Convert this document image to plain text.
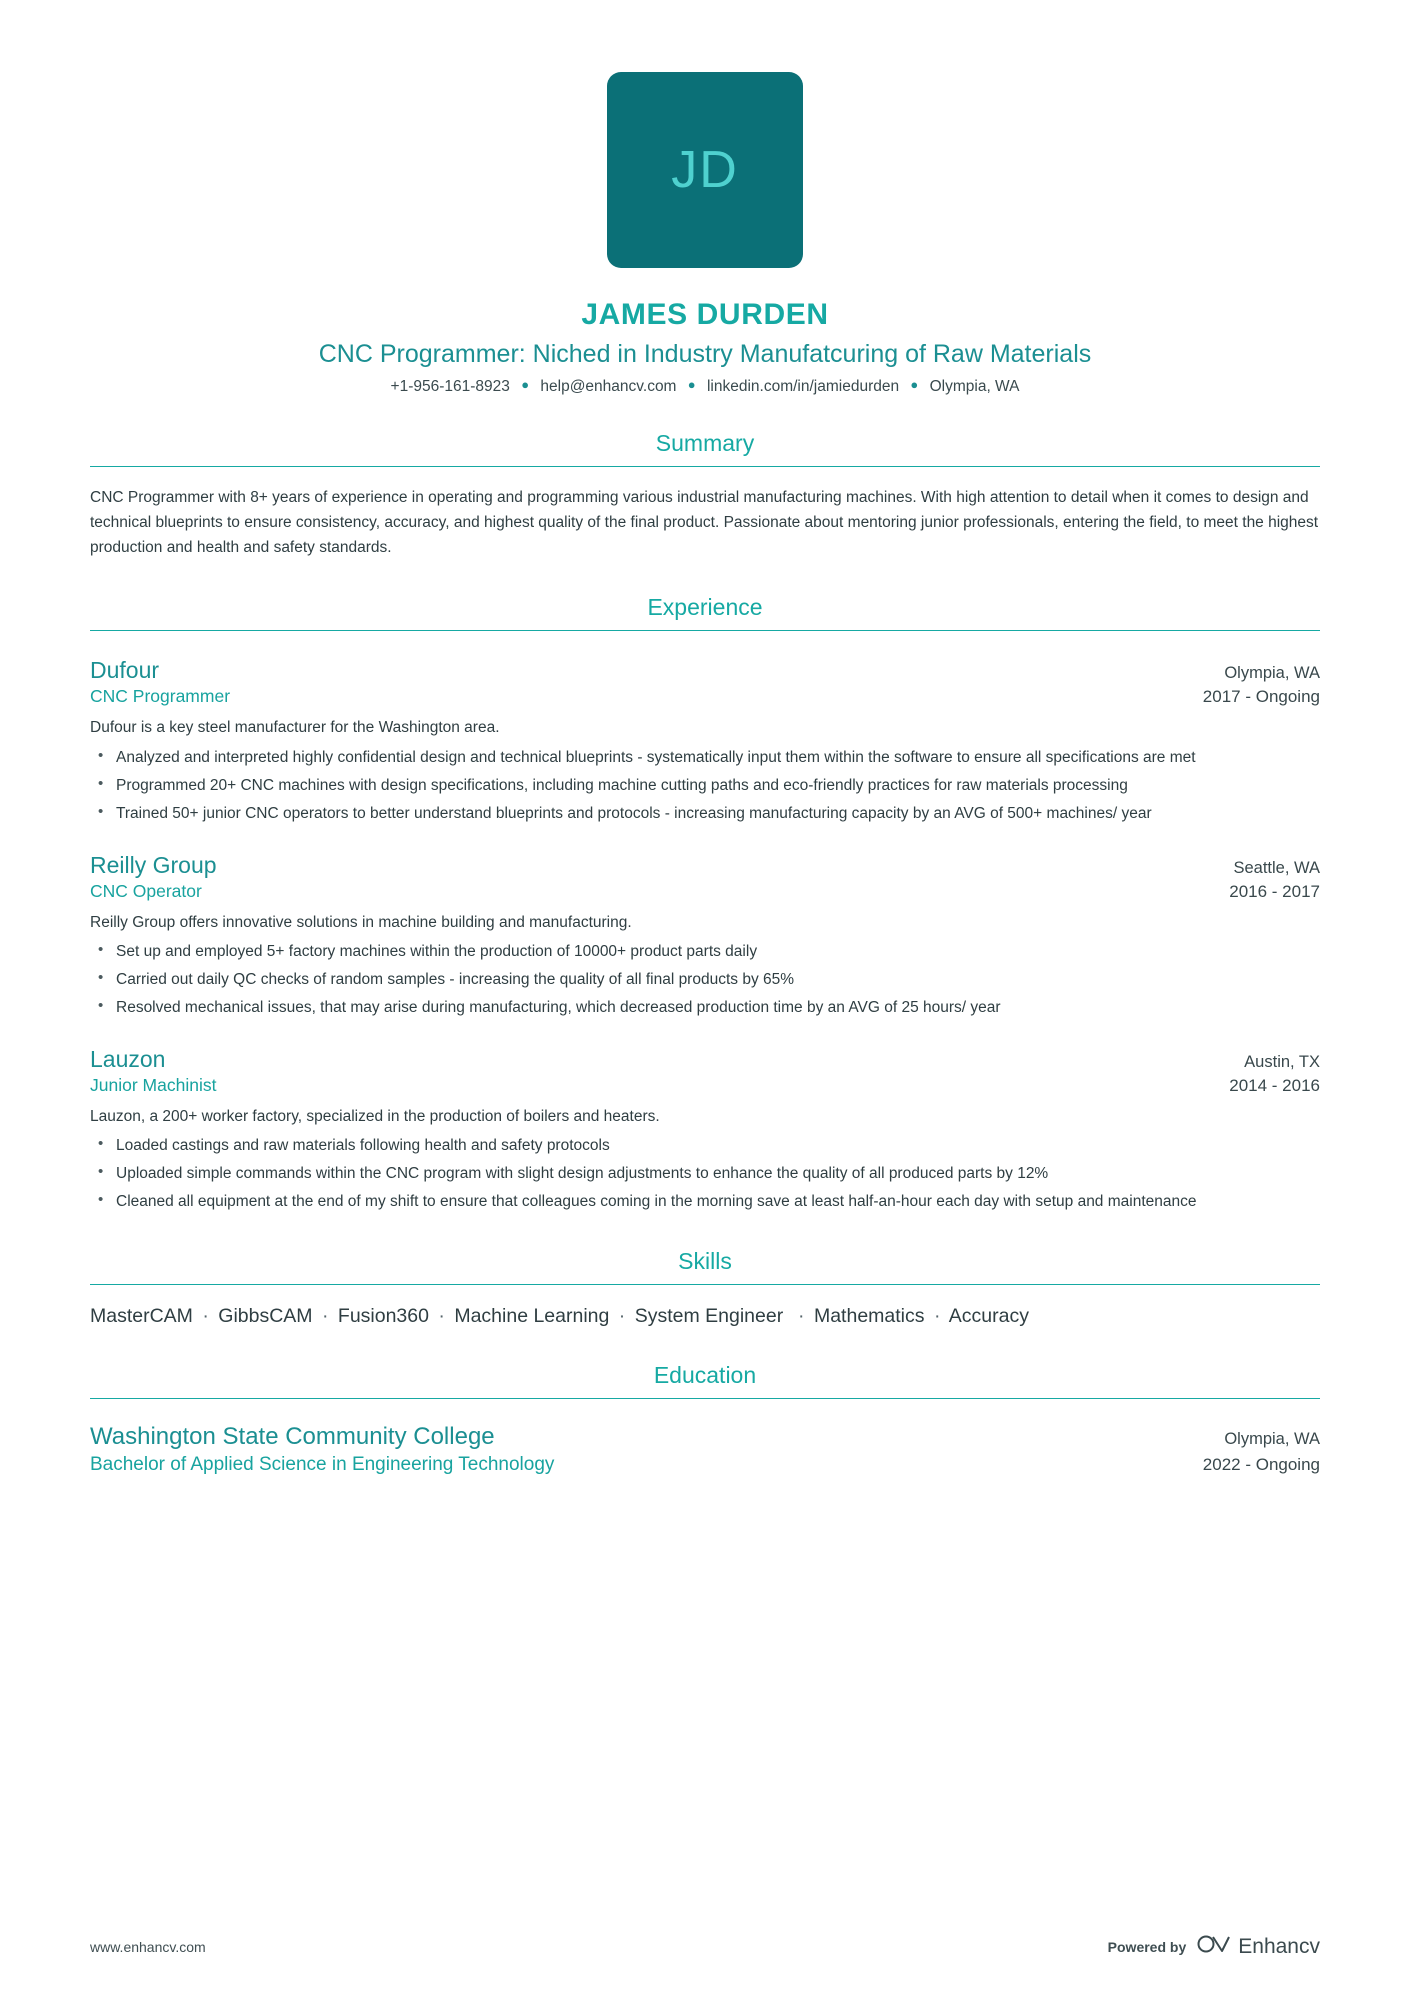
JD
JAMES DURDEN
CNC Programmer: Niched in Industry Manufatcuring of Raw Materials
+1-956-161-8923 ● help@enhancv.com ● linkedin.com/in/jamiedurden ● Olympia, WA
Summary
CNC Programmer with 8+ years of experience in operating and programming various industrial manufacturing machines. With high attention to detail when it comes to design and technical blueprints to ensure consistency, accuracy, and highest quality of the final product. Passionate about mentoring junior professionals, entering the field, to meet the highest production and health and safety standards.
Experience
Dufour	Olympia, WA
CNC Programmer	2017 - Ongoing
Dufour is a key steel manufacturer for the Washington area.
• Analyzed and interpreted highly confidential design and technical blueprints - systematically input them within the software to ensure all specifications are met
• Programmed 20+ CNC machines with design specifications, including machine cutting paths and eco-friendly practices for raw materials processing
• Trained 50+ junior CNC operators to better understand blueprints and protocols - increasing manufacturing capacity by an AVG of 500+ machines/ year
Reilly Group	Seattle, WA
CNC Operator	2016 - 2017
Reilly Group offers innovative solutions in machine building and manufacturing.
• Set up and employed 5+ factory machines within the production of 10000+ product parts daily
• Carried out daily QC checks of random samples - increasing the quality of all final products by 65%
• Resolved mechanical issues, that may arise during manufacturing, which decreased production time by an AVG of 25 hours/ year
Lauzon	Austin, TX
Junior Machinist	2014 - 2016
Lauzon, a 200+ worker factory, specialized in the production of boilers and heaters.
• Loaded castings and raw materials following health and safety protocols
• Uploaded simple commands within the CNC program with slight design adjustments to enhance the quality of all produced parts by 12%
• Cleaned all equipment at the end of my shift to ensure that colleagues coming in the morning save at least half-an-hour each day with setup and maintenance
Skills
MasterCAM · GibbsCAM · Fusion360 · Machine Learning · System Engineer  · Mathematics · Accuracy
Education
Washington State Community College	Olympia, WA
Bachelor of Applied Science in Engineering Technology	2022 - Ongoing
www.enhancv.com	Powered by Enhancv
